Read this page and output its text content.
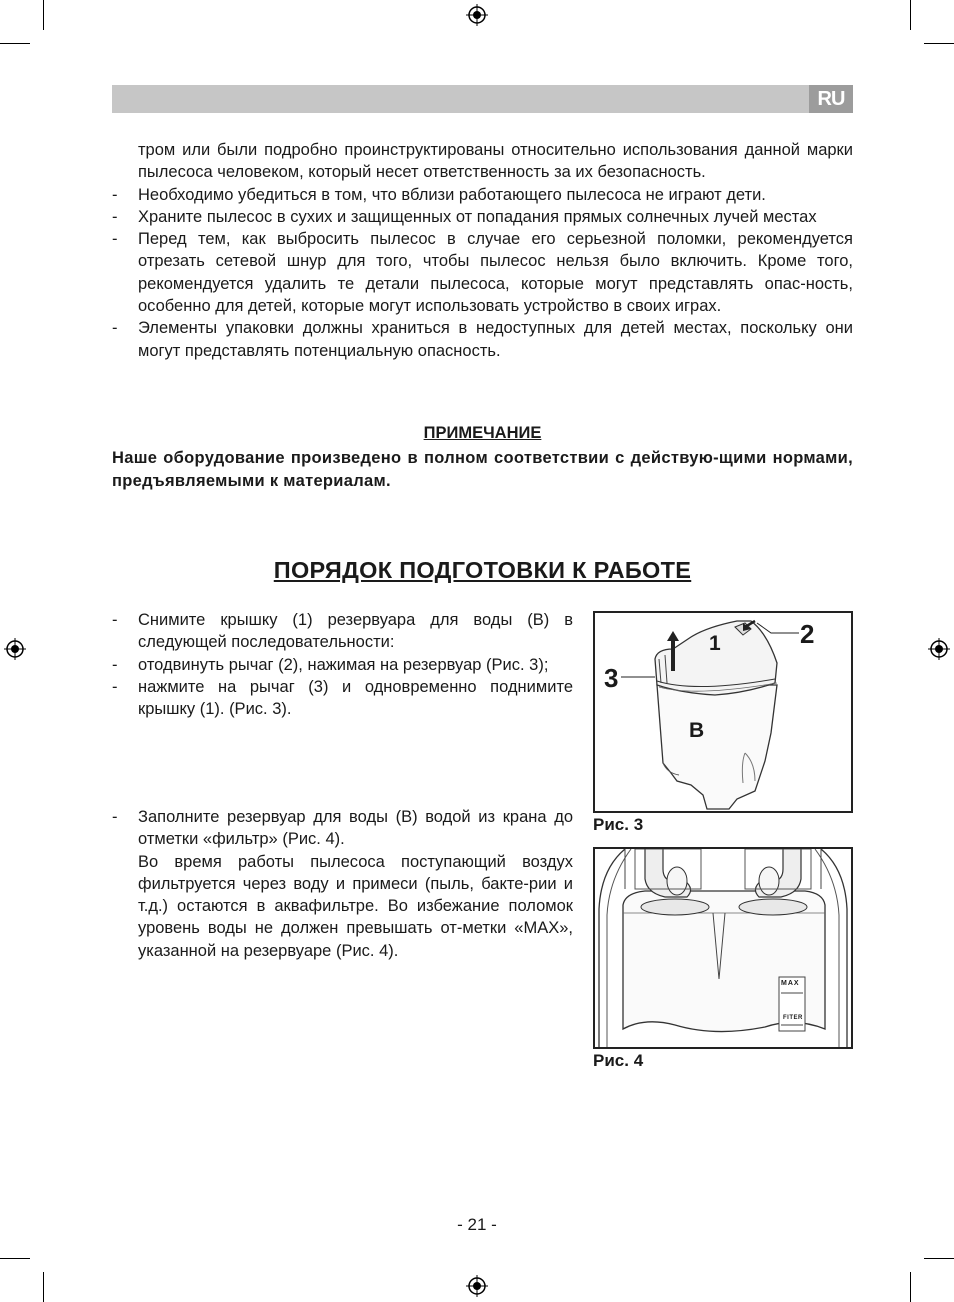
RU
тром или были подробно проинструктированы относительно использования данной марки пылесоса человеком, который несет ответственность за их безопасность.
- Необходимо убедиться в том, что вблизи работающего пылесоса не играют дети.
- Храните пылесос в сухих и защищенных от попадания прямых солнечных лучей местах
- Перед тем, как выбросить пылесос в случае его серьезной поломки, рекомендуется отрезать сетевой шнур для того, чтобы пылесос нельзя было включить. Кроме того, рекомендуется удалить те детали пылесоса, которые могут представлять опас-ность, особенно для детей, которые могут использовать устройство в своих играх.
- Элементы упаковки должны храниться в недоступных для детей местах, поскольку они могут представлять потенциальную опасность.

ПРИМЕЧАНИЕ

Наше оборудование произведено в полном соответствии с действую-щими нормами, предъявляемыми к материалам.

ПОРЯДОК ПОДГОТОВКИ К РАБОТЕ
- Снимите крышку (1) резервуара для воды (B) в следующей последовательности:
- отодвинуть рычаг (2), нажимая на резервуар (Рис. 3);
- нажмите на рычаг (3) и одновременно поднимите крышку (1). (Рис. 3).
- Заполните резервуар для воды (B) водой из крана до отметки «фильтр» (Рис. 4).
Во время работы пылесоса поступающий воздух фильтруется через воду и примеси (пыль, бакте-рии и т.д.) остаются в аквафильтре. Во избежание поломок уровень воды не должен превышать от-метки «MAX», указанной на резервуаре (Рис. 4).
1	2
3
B

Рис. 3

MAX
FITER

Рис. 4

- 21 -
